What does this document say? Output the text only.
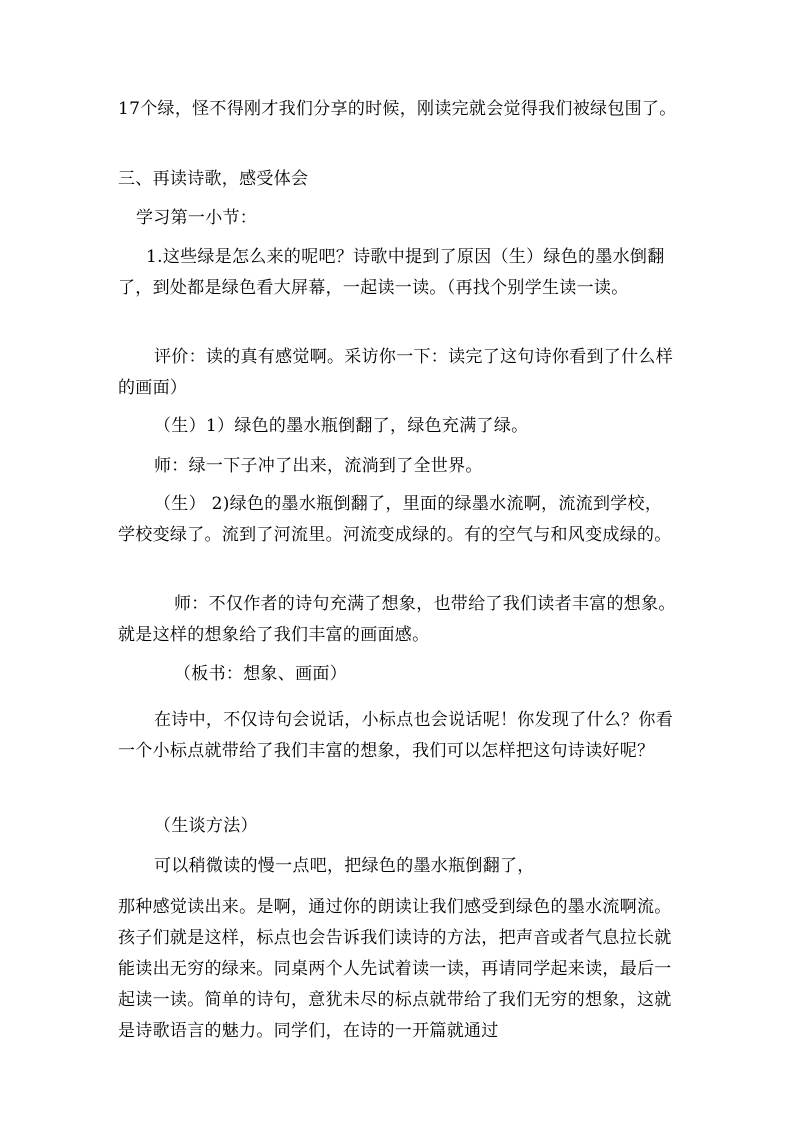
17个绿，怪不得刚才我们分享的时候，刚读完就会觉得我们被绿包围了。

三、再读诗歌，感受体会

学习第一小节：

1.这些绿是怎么来的呢吧？诗歌中提到了原因（生）绿色的墨水倒翻了，到处都是绿色看大屏幕，一起读一读。（再找个别学生读一读。

评价：读的真有感觉啊。采访你一下：读完了这句诗你看到了什么样的画面）

（生）1）绿色的墨水瓶倒翻了，绿色充满了绿。

师：绿一下子冲了出来，流淌到了全世界。

（生） 2)绿色的墨水瓶倒翻了，里面的绿墨水流啊，流流到学校，学校变绿了。流到了河流里。河流变成绿的。有的空气与和风变成绿的。

师：不仅作者的诗句充满了想象，也带给了我们读者丰富的想象。就是这样的想象给了我们丰富的画面感。

（板书：想象、画面）

在诗中，不仅诗句会说话，小标点也会说话呢！你发现了什么？你看一个小标点就带给了我们丰富的想象，我们可以怎样把这句诗读好呢？

（生谈方法）

可以稍微读的慢一点吧，把绿色的墨水瓶倒翻了，

那种感觉读出来。是啊，通过你的朗读让我们感受到绿色的墨水流啊流。孩子们就是这样，标点也会告诉我们读诗的方法，把声音或者气息拉长就能读出无穷的绿来。同桌两个人先试着读一读，再请同学起来读，最后一起读一读。简单的诗句，意犹未尽的标点就带给了我们无穷的想象，这就是诗歌语言的魅力。同学们，在诗的一开篇就通过
